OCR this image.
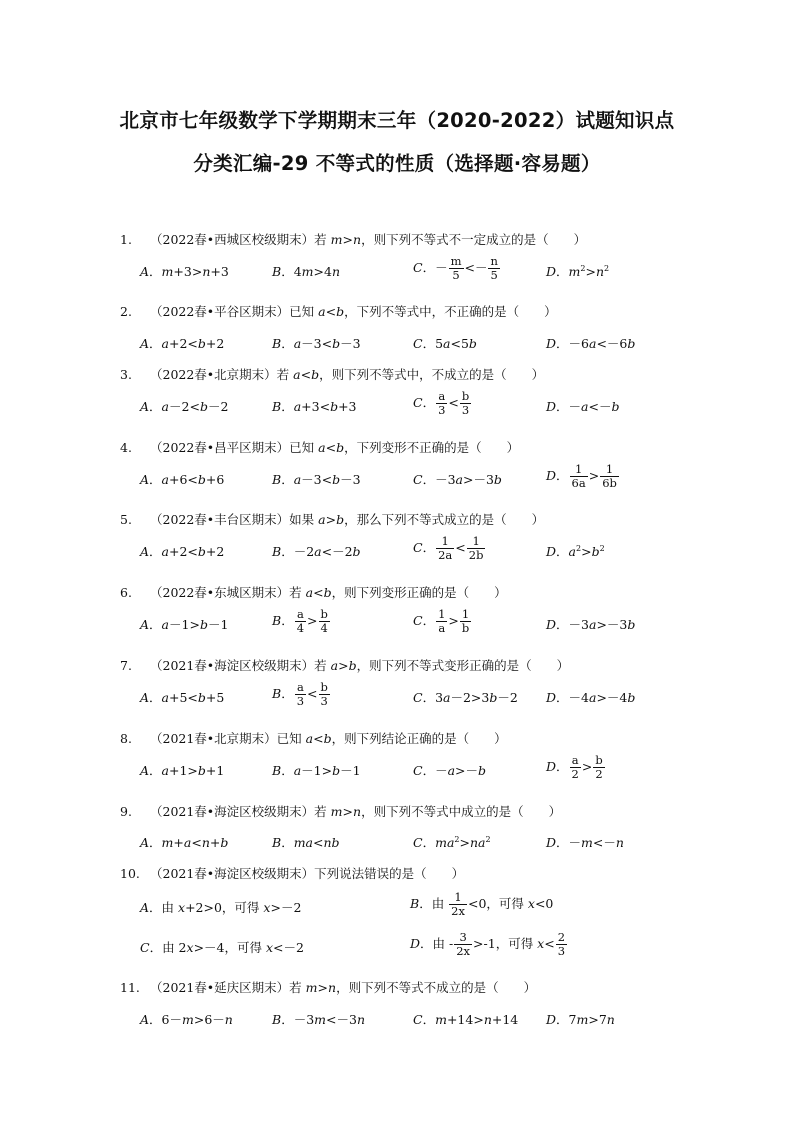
北京市七年级数学下学期期末三年（2020-2022）试题知识点
分类汇编-29 不等式的性质（选择题·容易题）
1. （2022春•西城区校级期末）若 m>n，则下列不等式不一定成立的是（　　）
A．m+3>n+3	B．4m>4n	C．－ $\frac{m}{5} <- \frac{n}{5}$	D．$m^2>n^2$
2. （2022春•平谷区期末）已知 a<b，下列不等式中，不正确的是（　　）
A．a+2<b+2	B．a－3<b－3	C．5a<5b	D．－6a<－6b
3. （2022春•北京期末）若 a<b，则下列不等式中，不成立的是（　　）
A．a－2<b－2	B．a+3<b+3	C． $\frac{a}{3} < \frac{b}{3}$	D．－a<－b
4. （2022春•昌平区期末）已知 a<b，下列变形不正确的是（　　）
A．a+6<b+6	B．a－3<b－3	C．－3a>－3b	D． $\frac{1}{6a} > \frac{1}{6b}$
5. （2022春•丰台区期末）如果 a>b，那么下列不等式成立的是（　　）
A．a+2<b+2	B．－2a<－2b	C． $\frac{1}{2a} < \frac{1}{2b}$	D．$a^2>b^2$
6. （2022春•东城区期末）若 a<b，则下列变形正确的是（　　）
A．a－1>b－1	B． $\frac{a}{4} > \frac{b}{4}$	C． $\frac{1}{a} > \frac{1}{b}$	D．－3a>－3b
7. （2021春•海淀区校级期末）若 a>b，则下列不等式变形正确的是（　　）
A．a+5<b+5	B． $\frac{a}{3} < \frac{b}{3}$	C．3a－2>3b－2 D．－4a>－4b
8. （2021春•北京期末）已知 a<b，则下列结论正确的是（　　）
A．a+1>b+1	B．a－1>b－1	C．－a>－b	D． $\frac{a}{2} > \frac{b}{2}$
9. （2021春•海淀区校级期末）若 m>n，则下列不等式中成立的是（　　）
A．m+a<n+b	B．ma<nb	C．$ma^2>na^2$	D．－m<－n
10. （2021春•海淀区校级期末）下列说法错误的是（　　）
A．由 x+2>0，可得 x>－2	B．由 $\frac{1}{2x} <0$，可得 x<0
C．由 2x>－4，可得 x<－2	D．由 - $\frac{3}{2x} >-1$，可得 $x< \frac{2}{3}$
11. （2021春•延庆区期末）若 m>n，则下列不等式不成立的是（　　）
A．6－m>6－n	B．－3m<－3n	C．m+14>n+14 D．7m>7n
